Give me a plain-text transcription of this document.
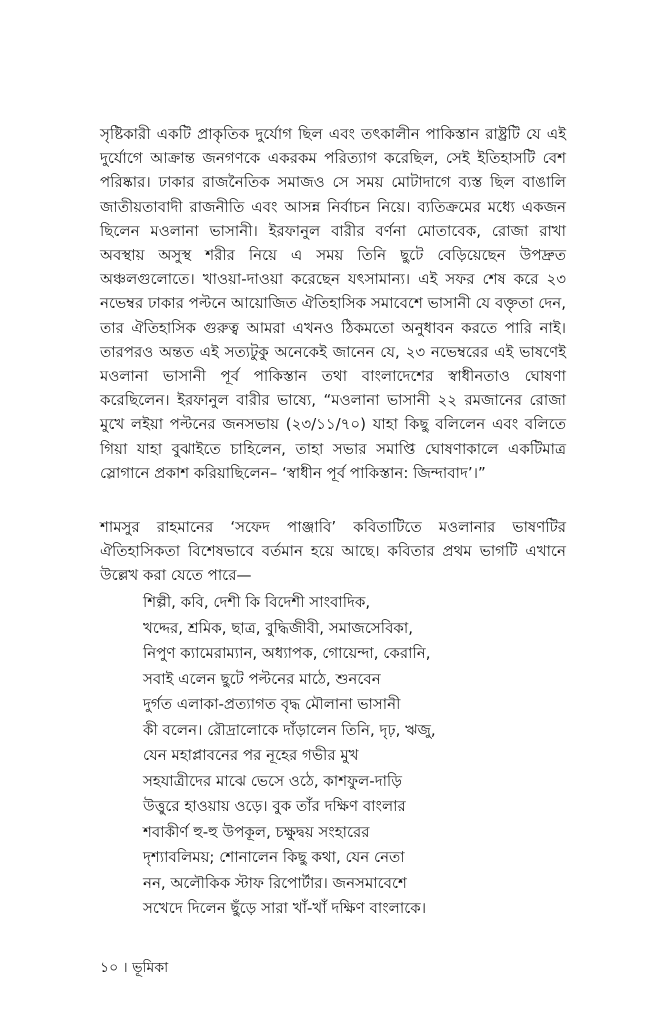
সৃষ্টিকারী একটি প্রাকৃতিক দুর্যোগ ছিল এবং তৎকালীন পাকিস্তান রাষ্ট্রটি যে এই দুর্যোগে আক্রান্ত জনগণকে একরকম পরিত্যাগ করেছিল, সেই ইতিহাসটি বেশ পরিষ্কার। ঢাকার রাজনৈতিক সমাজও সে সময় মোটাদাগে ব্যস্ত ছিল বাঙালি জাতীয়তাবাদী রাজনীতি এবং আসন্ন নির্বাচন নিয়ে। ব্যতিক্রমের মধ্যে একজন ছিলেন মওলানা ভাসানী। ইরফানুল বারীর বর্ণনা মোতাবেক, রোজা রাখা অবস্থায় অসুস্থ শরীর নিয়ে এ সময় তিনি ছুটে বেড়িয়েছেন উপদ্রুত অঞ্চলগুলোতে। খাওয়া-দাওয়া করেছেন যৎসামান্য। এই সফর শেষ করে ২৩ নভেম্বর ঢাকার পল্টনে আয়োজিত ঐতিহাসিক সমাবেশে ভাসানী যে বক্তৃতা দেন, তার ঐতিহাসিক গুরুত্ব আমরা এখনও ঠিকমতো অনুধাবন করতে পারি নাই। তারপরও অন্তত এই সত্যটুকু অনেকেই জানেন যে, ২৩ নভেম্বরের এই ভাষণেই মওলানা ভাসানী পূর্ব পাকিস্তান তথা বাংলাদেশের স্বাধীনতাও ঘোষণা করেছিলেন। ইরফানুল বারীর ভাষ্যে, “মওলানা ভাসানী ২২ রমজানের রোজা মুখে লইয়া পল্টনের জনসভায় (২৩/১১/৭০) যাহা কিছু বলিলেন এবং বলিতে গিয়া যাহা বুঝাইতে চাহিলেন, তাহা সভার সমাপ্তি ঘোষণাকালে একটিমাত্র স্লোগানে প্রকাশ করিয়াছিলেন– ‘স্বাধীন পূর্ব পাকিস্তান: জিন্দাবাদ’।”

শামসুর রাহমানের ‘সফেদ পাঞ্জাবি’ কবিতাটিতে মওলানার ভাষণটির ঐতিহাসিকতা বিশেষভাবে বর্তমান হয়ে আছে। কবিতার প্রথম ভাগটি এখানে উল্লেখ করা যেতে পারে—

শিল্পী, কবি, দেশী কি বিদেশী সাংবাদিক,
খদ্দের, শ্রমিক, ছাত্র, বুদ্ধিজীবী, সমাজসেবিকা,
নিপুণ ক্যামেরাম্যান, অধ্যাপক, গোয়েন্দা, কেরানি,
সবাই এলেন ছুটে পল্টনের মাঠে, শুনবেন
দুর্গত এলাকা-প্রত্যাগত বৃদ্ধ মৌলানা ভাসানী
কী বলেন। রৌদ্রালোকে দাঁড়ালেন তিনি, দৃঢ়, ঋজু,
যেন মহাপ্লাবনের পর নূহের গভীর মুখ
সহযাত্রীদের মাঝে ভেসে ওঠে, কাশফুল-দাড়ি
উত্তুরে হাওয়ায় ওড়ে। বুক তাঁর দক্ষিণ বাংলার
শবাকীর্ণ হু-হু উপকূল, চক্ষুদ্বয় সংহারের
দৃশ্যাবলিময়; শোনালেন কিছু কথা, যেন নেতা
নন, অলৌকিক স্টাফ রিপোর্টার। জনসমাবেশে
সখেদে দিলেন ছুঁড়ে সারা খাঁ-খাঁ দক্ষিণ বাংলাকে।
১০ । ভূমিকা
